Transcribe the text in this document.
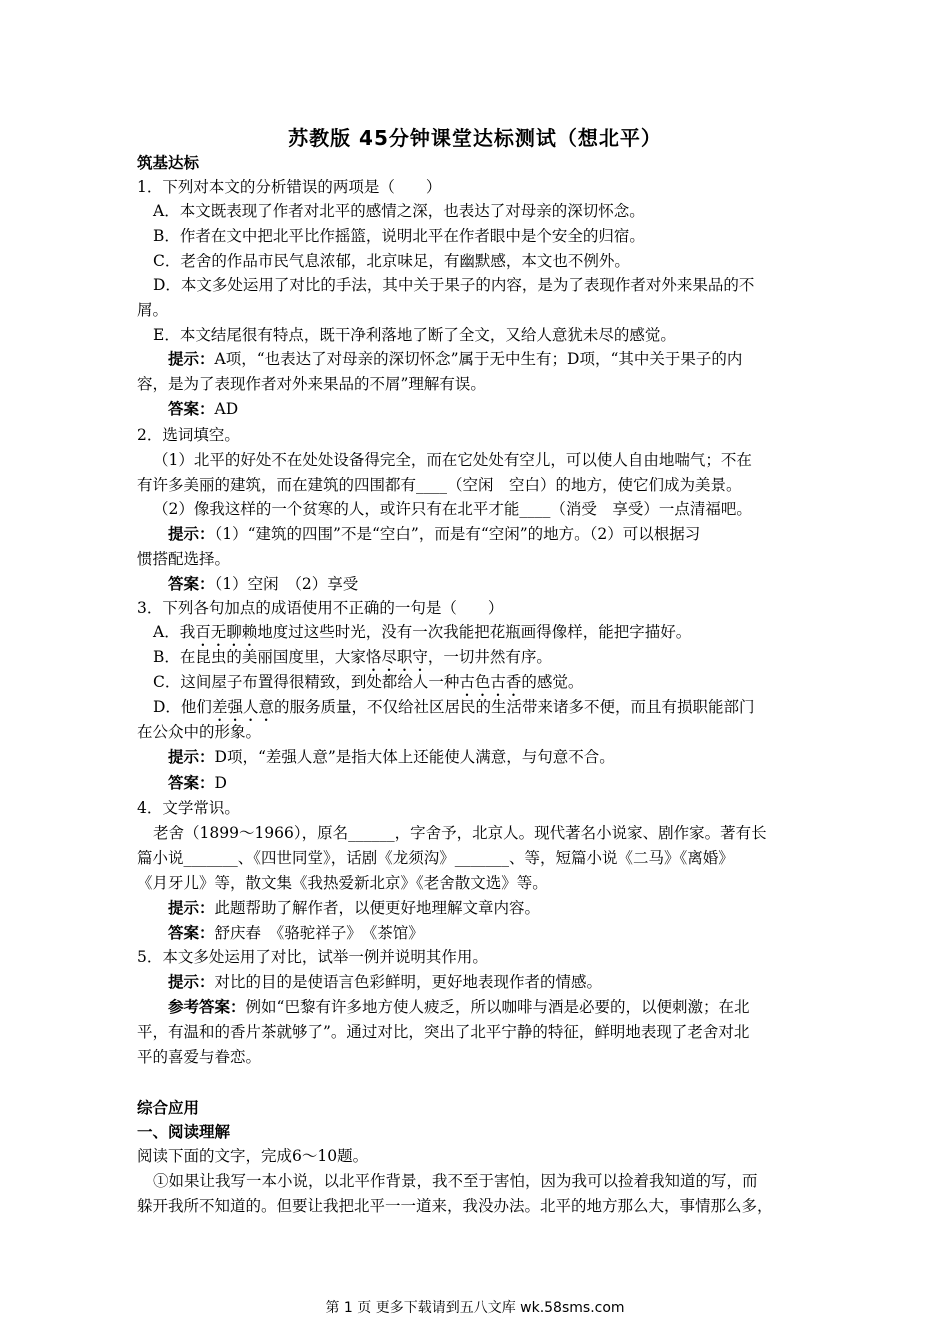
苏教版 45分钟课堂达标测试（想北平）
筑基达标
1．下列对本文的分析错误的两项是（　　）
A．本文既表现了作者对北平的感情之深，也表达了对母亲的深切怀念。
B．作者在文中把北平比作摇篮，说明北平在作者眼中是个安全的归宿。
C．老舍的作品市民气息浓郁，北京味足，有幽默感，本文也不例外。
D．本文多处运用了对比的手法，其中关于果子的内容，是为了表现作者对外来果品的不
屑。
E．本文结尾很有特点，既干净利落地了断了全文，又给人意犹未尽的感觉。
提示：A项，“也表达了对母亲的深切怀念”属于无中生有；D项，“其中关于果子的内
容，是为了表现作者对外来果品的不屑”理解有误。
答案：AD
2．选词填空。
（1）北平的好处不在处处设备得完全，而在它处处有空儿，可以使人自由地喘气；不在
有许多美丽的建筑，而在建筑的四围都有____（空闲　空白）的地方，使它们成为美景。
（2）像我这样的一个贫寒的人，或许只有在北平才能____（消受　享受）一点清福吧。
提示：（1）“建筑的四围”不是“空白”，而是有“空闲”的地方。（2）可以根据习
惯搭配选择。
答案：（1）空闲　（2）享受
3．下列各句加点的成语使用不正确的一句是（　　）
A．我百无聊赖地度过这些时光，没有一次我能把花瓶画得像样，能把字描好。
B．在昆虫的美丽国度里，大家恪尽职守，一切井然有序。
C．这间屋子布置得很精致，到处都给人一种古色古香的感觉。
D．他们差强人意的服务质量，不仅给社区居民的生活带来诸多不便，而且有损职能部门
在公众中的形象。
提示：D项，“差强人意”是指大体上还能使人满意，与句意不合。
答案：D
4．文学常识。
老舍（1899～1966），原名______，字舍予，北京人。现代著名小说家、剧作家。著有长
篇小说_______、《四世同堂》，话剧《龙须沟》_______、等，短篇小说《二马》《离婚》
《月牙儿》等，散文集《我热爱新北京》《老舍散文选》等。
提示：此题帮助了解作者，以便更好地理解文章内容。
答案：舒庆春　《骆驼祥子》　《茶馆》
5．本文多处运用了对比，试举一例并说明其作用。
提示：对比的目的是使语言色彩鲜明，更好地表现作者的情感。
参考答案：例如“巴黎有许多地方使人疲乏，所以咖啡与酒是必要的，以便刺激；在北
平，有温和的香片茶就够了”。通过对比，突出了北平宁静的特征，鲜明地表现了老舍对北
平的喜爱与眷恋。
综合应用
一、阅读理解
阅读下面的文字，完成6～10题。
①如果让我写一本小说，以北平作背景，我不至于害怕，因为我可以捡着我知道的写，而
躲开我所不知道的。但要让我把北平一一道来，我没办法。北平的地方那么大，事情那么多，
第 1 页 更多下载请到五八文库 wk.58sms.com
